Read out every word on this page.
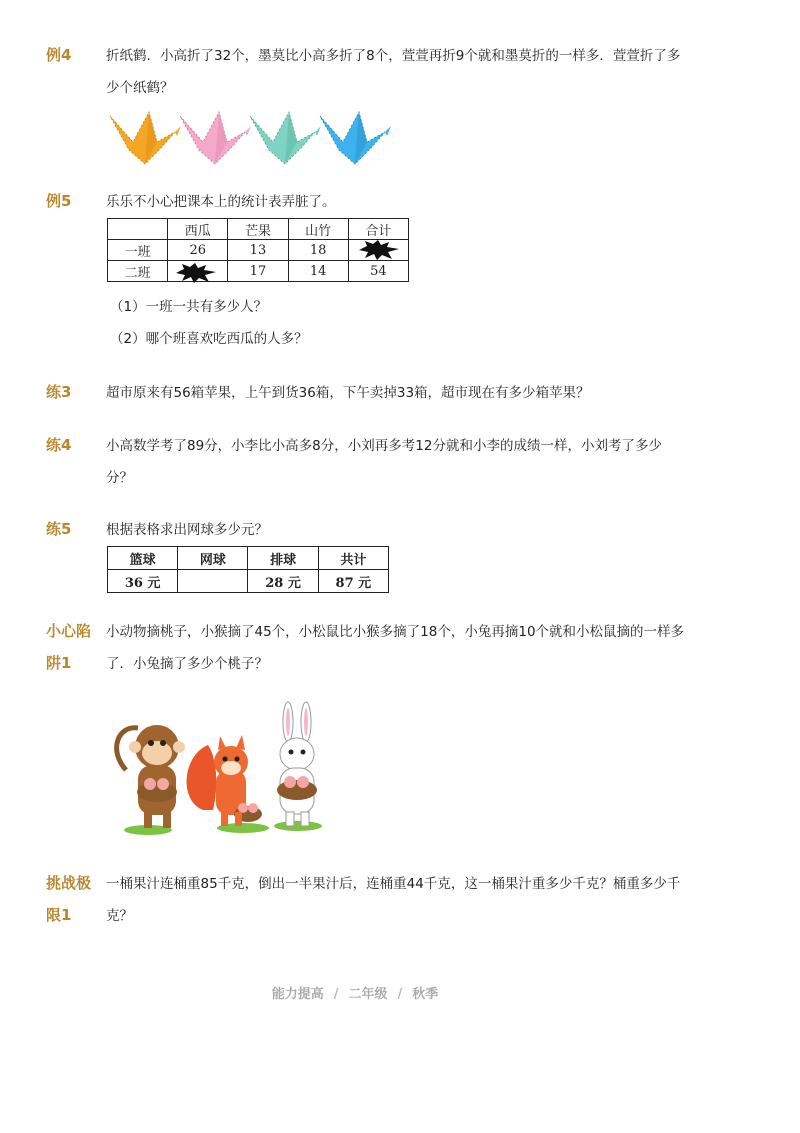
例4	折纸鹤．小高折了32个，墨莫比小高多折了8个，萱萱再折9个就和墨莫折的一样多．萱萱折了多

少个纸鹤？

例5	乐乐不小心把课本上的统计表弄脏了。

	西瓜	芒果	山竹	合计
一班	26	13	18	

二班		17	14	54
（1）一班一共有多少人？
（2）哪个班喜欢吃西瓜的人多？
练3	超市原来有56箱苹果，上午到货36箱，下午卖掉33箱，超市现在有多少箱苹果？

练4	小高数学考了89分，小李比小高多8分，小刘再多考12分就和小李的成绩一样，小刘考了多少

分？

练5	根据表格求出网球多少元？

篮球	网球	排球	共计
36 元		28 元	87 元
小心陷
阱1

小动物摘桃子，小猴摘了45个，小松鼠比小猴多摘了18个，小兔再摘10个就和小松鼠摘的一样多

了．小兔摘了多少个桃子？

挑战极
限1

一桶果汁连桶重85千克，倒出一半果汁后，连桶重44千克，这一桶果汁重多少千克？桶重多少千

克？

能力提高 / 二年级 / 秋季
